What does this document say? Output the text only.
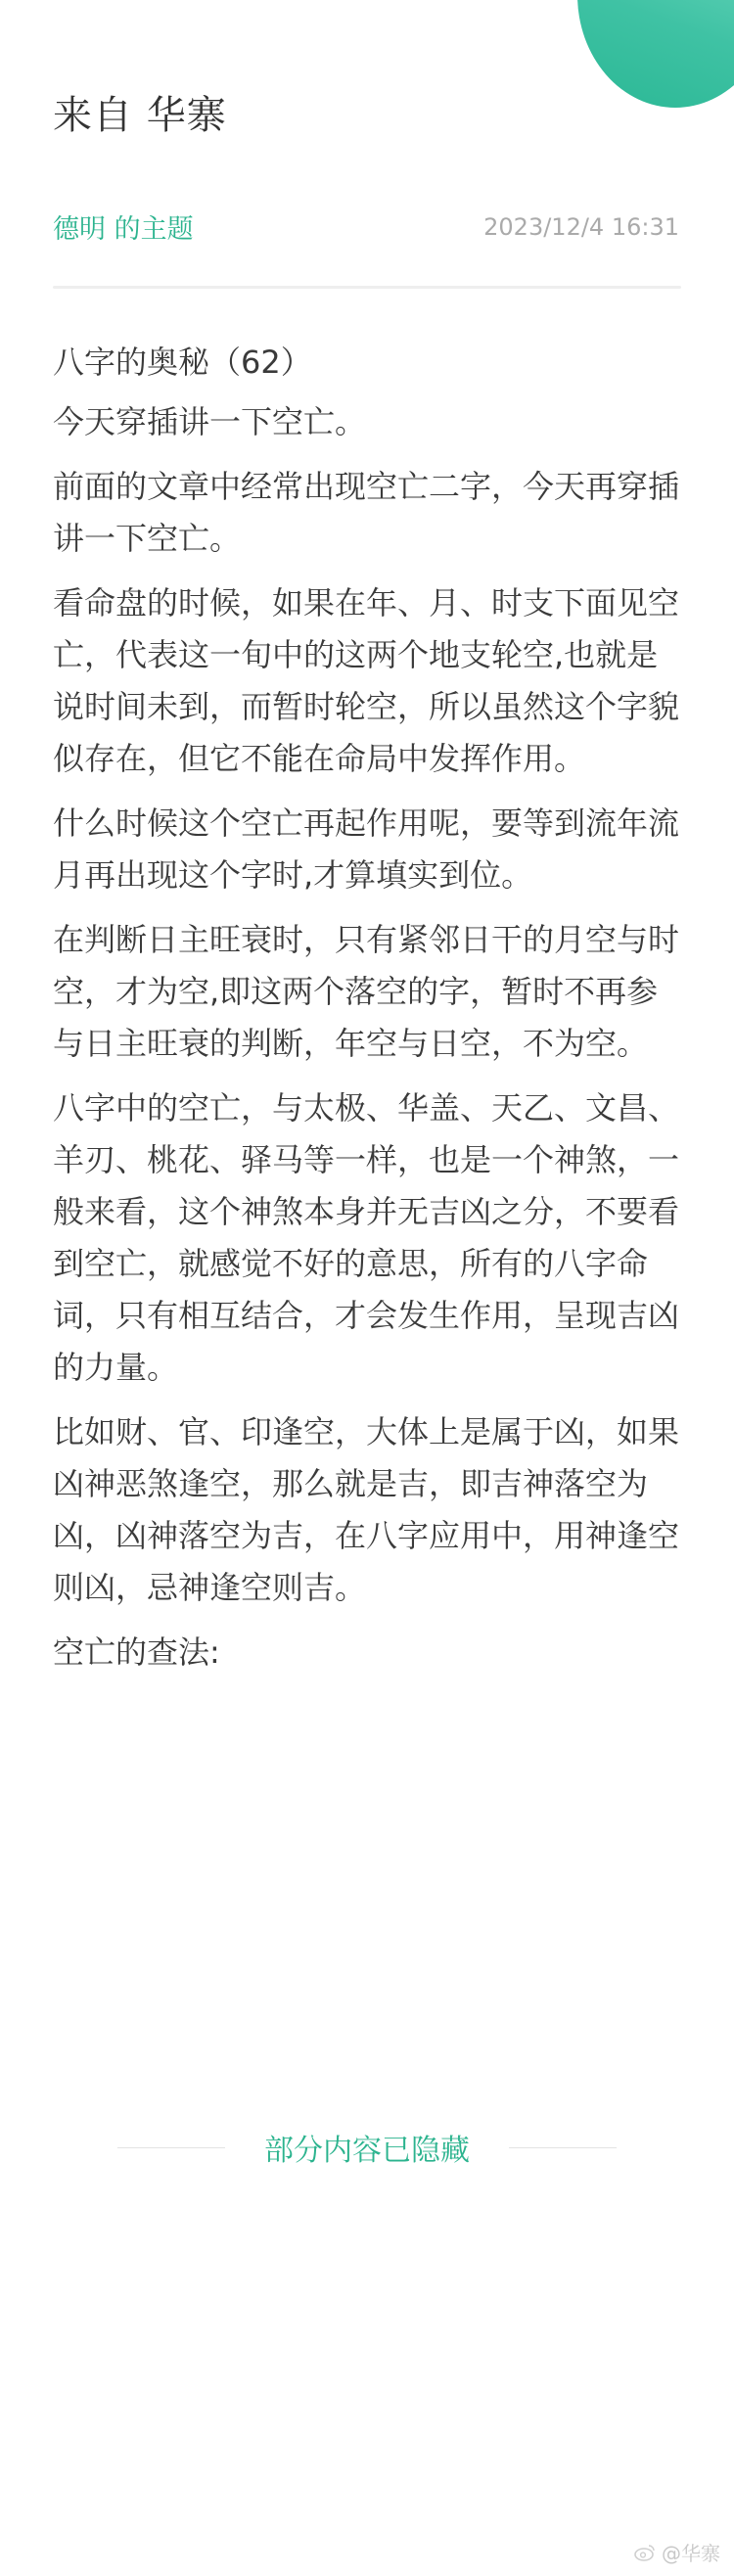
来自 华寨
德明 的主题	2023/12/4 16:31

八字的奥秘（62）

今天穿插讲一下空亡。

前面的文章中经常出现空亡二字，今天再穿插讲一下空亡。

看命盘的时候，如果在年、月、时支下面见空亡，代表这一旬中的这两个地支轮空,也就是说时间未到，而暂时轮空，所以虽然这个字貌似存在，但它不能在命局中发挥作用。

什么时候这个空亡再起作用呢，要等到流年流月再出现这个字时,才算填实到位。

在判断日主旺衰时，只有紧邻日干的月空与时空，才为空,即这两个落空的字，暂时不再参与日主旺衰的判断，年空与日空，不为空。

八字中的空亡，与太极、华盖、天乙、文昌、羊刃、桃花、驿马等一样，也是一个神煞，一般来看，这个神煞本身并无吉凶之分，不要看到空亡，就感觉不好的意思，所有的八字命词，只有相互结合，才会发生作用，呈现吉凶的力量。

比如财、官、印逢空，大体上是属于凶，如果凶神恶煞逢空，那么就是吉，即吉神落空为凶，凶神落空为吉，在八字应用中，用神逢空则凶，忌神逢空则吉。

空亡的查法:

部分内容已隐藏
@华寨
